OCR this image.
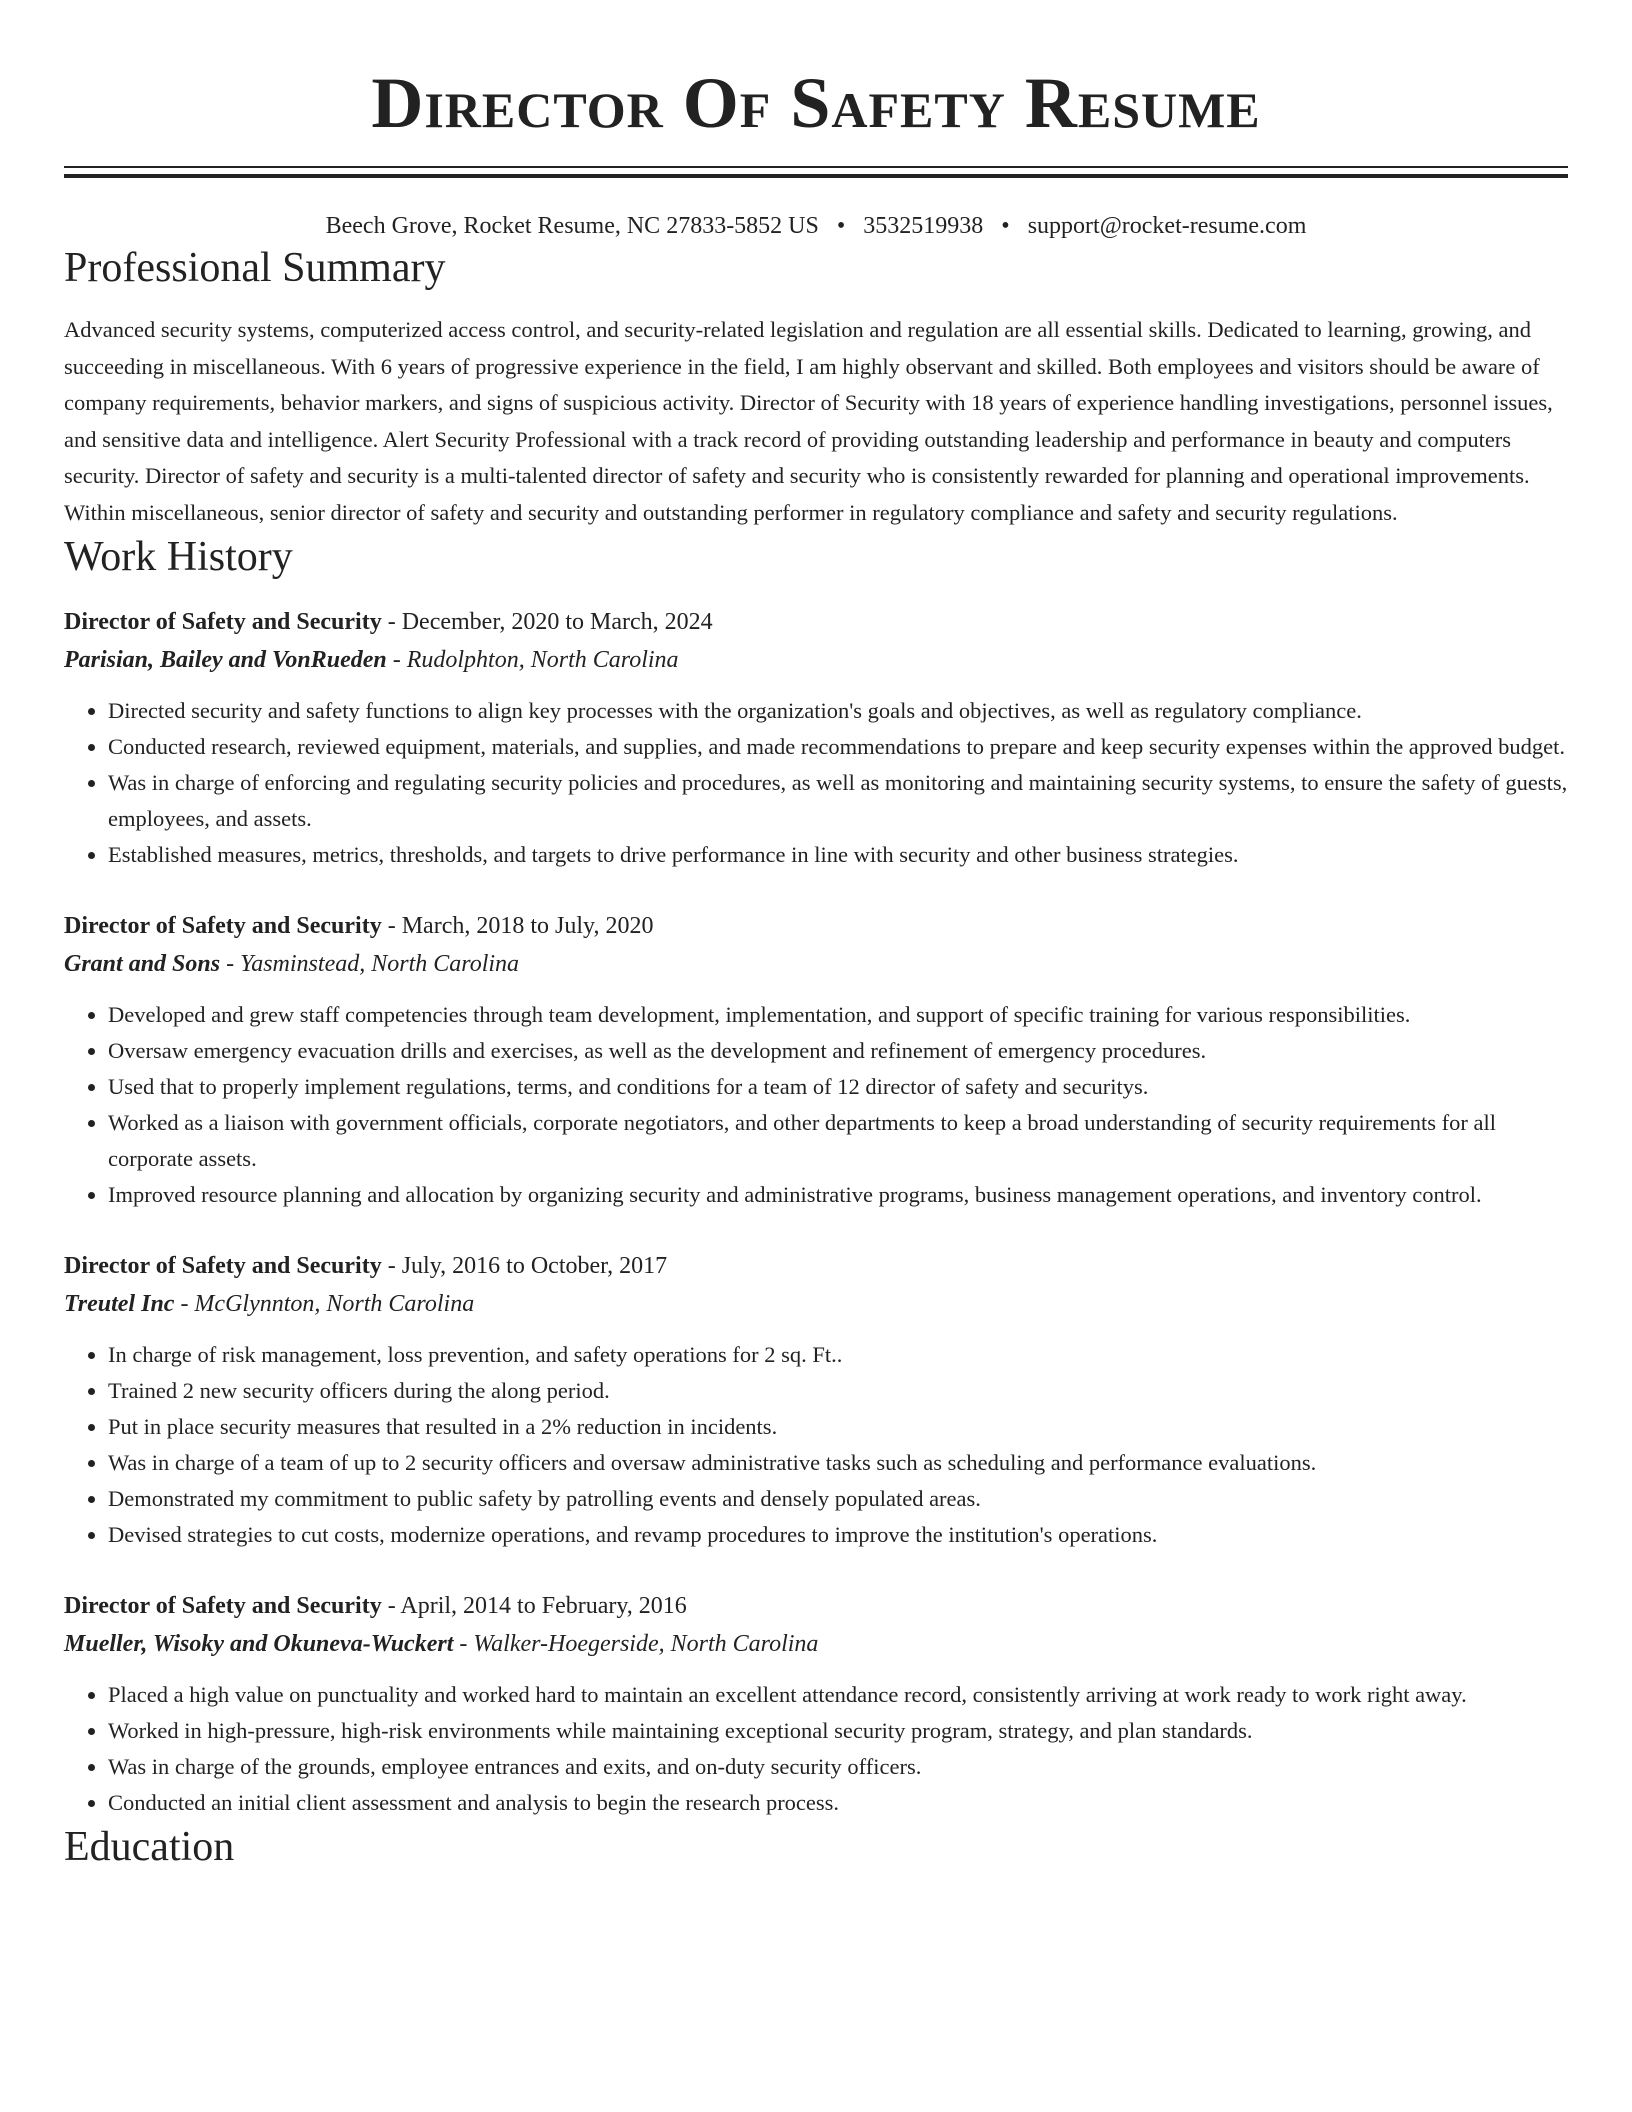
Director Of Safety Resume
Beech Grove, Rocket Resume, NC 27833-5852 US • 3532519938 • support@rocket-resume.com
Professional Summary

Advanced security systems, computerized access control, and security-related legislation and regulation are all essential skills. Dedicated to learning, growing, and succeeding in miscellaneous. With 6 years of progressive experience in the field, I am highly observant and skilled. Both employees and visitors should be aware of company requirements, behavior markers, and signs of suspicious activity. Director of Security with 18 years of experience handling investigations, personnel issues, and sensitive data and intelligence. Alert Security Professional with a track record of providing outstanding leadership and performance in beauty and computers security. Director of safety and security is a multi-talented director of safety and security who is consistently rewarded for planning and operational improvements. Within miscellaneous, senior director of safety and security and outstanding performer in regulatory compliance and safety and security regulations.

Work History
Director of Safety and Security - December, 2020 to March, 2024
Parisian, Bailey and VonRueden - Rudolphton, North Carolina
• Directed security and safety functions to align key processes with the organization's goals and objectives, as well as regulatory compliance.
• Conducted research, reviewed equipment, materials, and supplies, and made recommendations to prepare and keep security expenses within the approved budget.
• Was in charge of enforcing and regulating security policies and procedures, as well as monitoring and maintaining security systems, to ensure the safety of guests, employees, and assets.
• Established measures, metrics, thresholds, and targets to drive performance in line with security and other business strategies.
Director of Safety and Security - March, 2018 to July, 2020
Grant and Sons - Yasminstead, North Carolina
• Developed and grew staff competencies through team development, implementation, and support of specific training for various responsibilities.
• Oversaw emergency evacuation drills and exercises, as well as the development and refinement of emergency procedures.
• Used that to properly implement regulations, terms, and conditions for a team of 12 director of safety and securitys.
• Worked as a liaison with government officials, corporate negotiators, and other departments to keep a broad understanding of security requirements for all corporate assets.
• Improved resource planning and allocation by organizing security and administrative programs, business management operations, and inventory control.
Director of Safety and Security - July, 2016 to October, 2017
Treutel Inc - McGlynnton, North Carolina
• In charge of risk management, loss prevention, and safety operations for 2 sq. Ft..
• Trained 2 new security officers during the along period.
• Put in place security measures that resulted in a 2% reduction in incidents.
• Was in charge of a team of up to 2 security officers and oversaw administrative tasks such as scheduling and performance evaluations.
• Demonstrated my commitment to public safety by patrolling events and densely populated areas.
• Devised strategies to cut costs, modernize operations, and revamp procedures to improve the institution's operations.
Director of Safety and Security - April, 2014 to February, 2016
Mueller, Wisoky and Okuneva-Wuckert - Walker-Hoegerside, North Carolina
• Placed a high value on punctuality and worked hard to maintain an excellent attendance record, consistently arriving at work ready to work right away.
• Worked in high-pressure, high-risk environments while maintaining exceptional security program, strategy, and plan standards.
• Was in charge of the grounds, employee entrances and exits, and on-duty security officers.
• Conducted an initial client assessment and analysis to begin the research process.
Education
